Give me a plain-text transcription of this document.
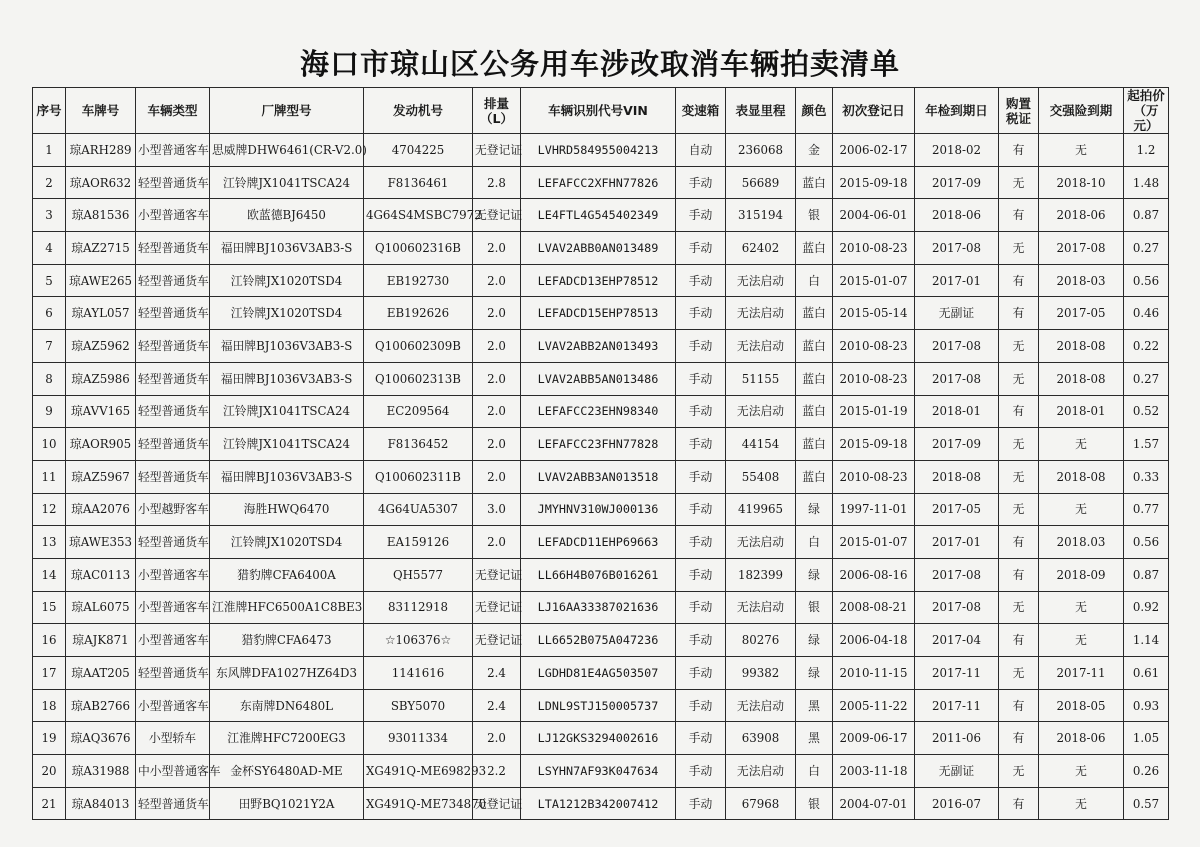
海口市琼山区公务用车涉改取消车辆拍卖清单
序号	车牌号	车辆类型	厂牌型号	发动机号	排量（L）	车辆识别代号VIN	变速箱	表显里程	颜色	初次登记日	年检到期日	购置税证	交强险到期	起拍价（万元）
1	琼ARH289	小型普通客车	思威牌DHW6461(CR-V2.0)	4704225	无登记证	LVHRD584955004213	自动	236068	金	2006-02-17	2018-02	有	无	1.2
2	琼AOR632	轻型普通货车	江铃牌JX1041TSCA24	F8136461	2.8	LEFAFCC2XFHN77826	手动	56689	蓝白	2015-09-18	2017-09	无	2018-10	1.48
3	琼A81536	小型普通客车	欧蓝德BJ6450	4G64S4MSBC7972	无登记证	LE4FTL4G545402349	手动	315194	银	2004-06-01	2018-06	有	2018-06	0.87
4	琼AZ2715	轻型普通货车	福田牌BJ1036V3AB3-S	Q100602316B	2.0	LVAV2ABB0AN013489	手动	62402	蓝白	2010-08-23	2017-08	无	2017-08	0.27
5	琼AWE265	轻型普通货车	江铃牌JX1020TSD4	EB192730	2.0	LEFADCD13EHP78512	手动	无法启动	白	2015-01-07	2017-01	有	2018-03	0.56
6	琼AYL057	轻型普通货车	江铃牌JX1020TSD4	EB192626	2.0	LEFADCD15EHP78513	手动	无法启动	蓝白	2015-05-14	无副证	有	2017-05	0.46
7	琼AZ5962	轻型普通货车	福田牌BJ1036V3AB3-S	Q100602309B	2.0	LVAV2ABB2AN013493	手动	无法启动	蓝白	2010-08-23	2017-08	无	2018-08	0.22
8	琼AZ5986	轻型普通货车	福田牌BJ1036V3AB3-S	Q100602313B	2.0	LVAV2ABB5AN013486	手动	51155	蓝白	2010-08-23	2017-08	无	2018-08	0.27
9	琼AVV165	轻型普通货车	江铃牌JX1041TSCA24	EC209564	2.0	LEFAFCC23EHN98340	手动	无法启动	蓝白	2015-01-19	2018-01	有	2018-01	0.52
10	琼AOR905	轻型普通货车	江铃牌JX1041TSCA24	F8136452	2.0	LEFAFCC23FHN77828	手动	44154	蓝白	2015-09-18	2017-09	无	无	1.57
11	琼AZ5967	轻型普通货车	福田牌BJ1036V3AB3-S	Q100602311B	2.0	LVAV2ABB3AN013518	手动	55408	蓝白	2010-08-23	2018-08	无	2018-08	0.33
12	琼AA2076	小型越野客车	海胜HWQ6470	4G64UA5307	3.0	JMYHNV310WJ000136	手动	419965	绿	1997-11-01	2017-05	无	无	0.77
13	琼AWE353	轻型普通货车	江铃牌JX1020TSD4	EA159126	2.0	LEFADCD11EHP69663	手动	无法启动	白	2015-01-07	2017-01	有	2018.03	0.56
14	琼AC0113	小型普通客车	猎豹牌CFA6400A	QH5577	无登记证	LL66H4B076B016261	手动	182399	绿	2006-08-16	2017-08	有	2018-09	0.87
15	琼AL6075	小型普通客车	江淮牌HFC6500A1C8BE3	83112918	无登记证	LJ16AA33387021636	手动	无法启动	银	2008-08-21	2017-08	无	无	0.92
16	琼AJK871	小型普通客车	猎豹牌CFA6473	☆106376☆	无登记证	LL6652B075A047236	手动	80276	绿	2006-04-18	2017-04	有	无	1.14
17	琼AAT205	轻型普通货车	东风牌DFA1027HZ64D3	1141616	2.4	LGDHD81E4AG503507	手动	99382	绿	2010-11-15	2017-11	无	2017-11	0.61
18	琼AB2766	小型普通客车	东南牌DN6480L	SBY5070	2.4	LDNL9STJ150005737	手动	无法启动	黑	2005-11-22	2017-11	有	2018-05	0.93
19	琼AQ3676	小型轿车	江淮牌HFC7200EG3	93011334	2.0	LJ12GKS3294002616	手动	63908	黑	2009-06-17	2011-06	有	2018-06	1.05
20	琼A31988	中小型普通客车	金杯SY6480AD-ME	XG491Q-ME698293	2.2	LSYHN7AF93K047634	手动	无法启动	白	2003-11-18	无副证	无	无	0.26
21	琼A84013	轻型普通货车	田野BQ1021Y2A	XG491Q-ME734870	无登记证	LTA1212B342007412	手动	67968	银	2004-07-01	2016-07	有	无	0.57
